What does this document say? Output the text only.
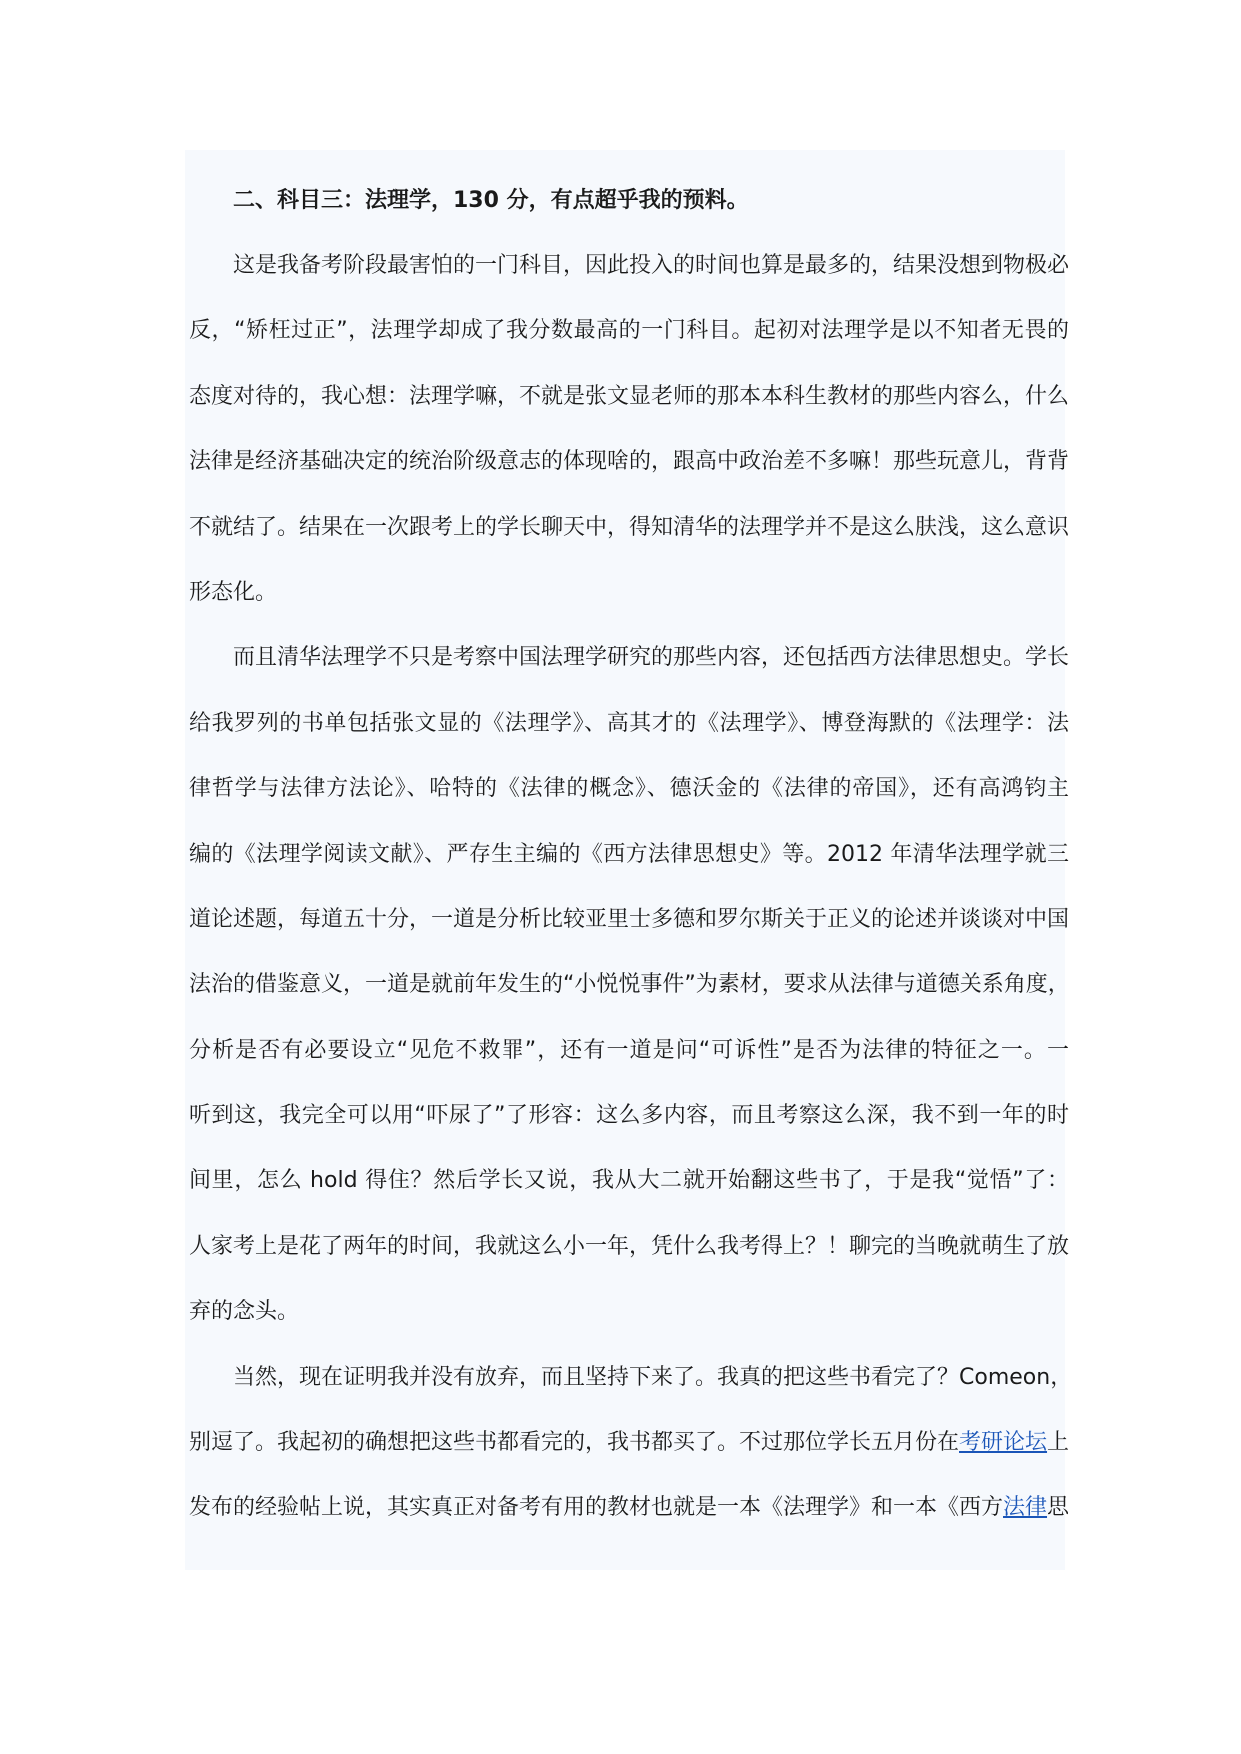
二、科目三：法理学，130 分，有点超乎我的预料。

这是我备考阶段最害怕的一门科目，因此投入的时间也算是最多的，结果没想到物极必

反，“矫枉过正”，法理学却成了我分数最高的一门科目。起初对法理学是以不知者无畏的

态度对待的，我心想：法理学嘛，不就是张文显老师的那本本科生教材的那些内容么，什么

法律是经济基础决定的统治阶级意志的体现啥的，跟高中政治差不多嘛！那些玩意儿，背背

不就结了。结果在一次跟考上的学长聊天中，得知清华的法理学并不是这么肤浅，这么意识

形态化。

而且清华法理学不只是考察中国法理学研究的那些内容，还包括西方法律思想史。学长

给我罗列的书单包括张文显的《法理学》、高其才的《法理学》、博登海默的《法理学：法

律哲学与法律方法论》、哈特的《法律的概念》、德沃金的《法律的帝国》，还有高鸿钧主

编的《法理学阅读文献》、严存生主编的《西方法律思想史》等。2012 年清华法理学就三

道论述题，每道五十分，一道是分析比较亚里士多德和罗尔斯关于正义的论述并谈谈对中国

法治的借鉴意义，一道是就前年发生的“小悦悦事件”为素材，要求从法律与道德关系角度，

分析是否有必要设立“见危不救罪”，还有一道是问“可诉性”是否为法律的特征之一。一

听到这，我完全可以用“吓尿了”了形容：这么多内容，而且考察这么深，我不到一年的时

间里，怎么 hold 得住？然后学长又说，我从大二就开始翻这些书了，于是我“觉悟”了：

人家考上是花了两年的时间，我就这么小一年，凭什么我考得上？！聊完的当晚就萌生了放

弃的念头。

当然，现在证明我并没有放弃，而且坚持下来了。我真的把这些书看完了？Comeon，

别逗了。我起初的确想把这些书都看完的，我书都买了。不过那位学长五月份在考研论坛上

发布的经验帖上说，其实真正对备考有用的教材也就是一本《法理学》和一本《西方法律思
